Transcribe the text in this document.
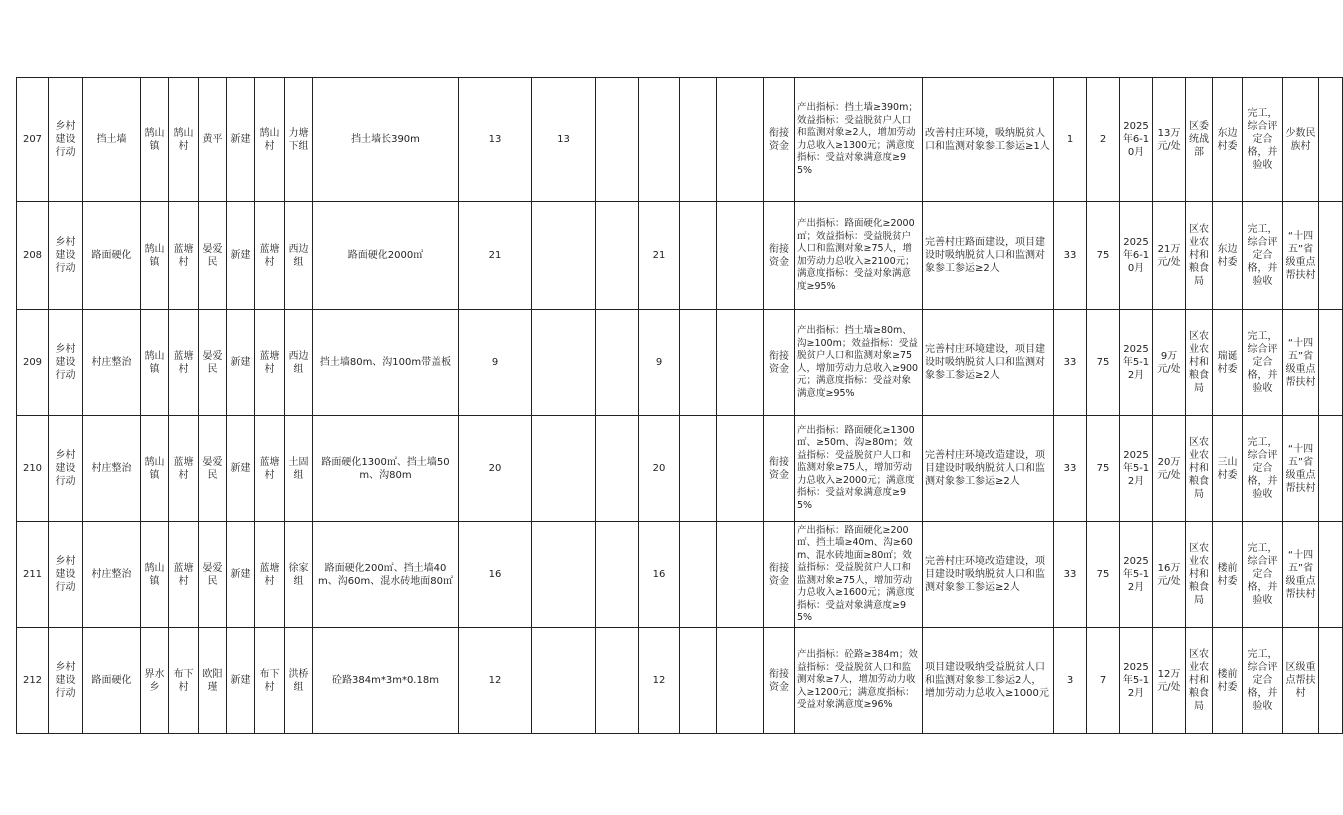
207	乡村建设行动	挡土墙	鹄山镇	鹄山村	黄平	新建	鹄山村	力塘下组	挡土墙长390m	13	13					衔接资金	产出指标：挡土墙≥390m；效益指标：受益脱贫户人口和监测对象≥2人，增加劳动力总收入≥1300元；满意度指标：受益对象满意度≥95%	改善村庄环境，吸纳脱贫人口和监测对象参工参运≥1人	1	2	2025年6-10月	13万元/处	区委统战部	东边村委	完工，综合评定合格，并验收	少数民族村	
208	乡村建设行动	路面硬化	鹄山镇	蓝塘村	晏爱民	新建	蓝塘村	西边组	路面硬化2000㎡	21			21			衔接资金	产出指标：路面硬化≥2000㎡；效益指标：受益脱贫户人口和监测对象≥75人，增加劳动力总收入≥2100元；满意度指标：受益对象满意度≥95%	完善村庄路面建设，项目建设时吸纳脱贫人口和监测对象参工参运≥2人	33	75	2025年6-10月	21万元/处	区农业农村和粮食局	东边村委	完工，综合评定合格，并验收	“十四五”省级重点帮扶村	
209	乡村建设行动	村庄整治	鹄山镇	蓝塘村	晏爱民	新建	蓝塘村	西边组	挡土墙80m、沟100m带盖板	9			9			衔接资金	产出指标：挡土墙≥80m、沟≥100m；效益指标：受益脱贫户人口和监测对象≥75人，增加劳动力总收入≥900元；满意度指标：受益对象满意度≥95%	完善村庄环境建设，项目建设时吸纳脱贫人口和监测对象参工参运≥2人	33	75	2025年5-12月	9万元/处	区农业农村和粮食局	瑞诞村委	完工，综合评定合格，并验收	“十四五”省级重点帮扶村	
210	乡村建设行动	村庄整治	鹄山镇	蓝塘村	晏爱民	新建	蓝塘村	土固组	路面硬化1300㎡、挡土墙50m、沟80m	20			20			衔接资金	产出指标：路面硬化≥1300㎡、≥50m、沟≥80m；效益指标：受益脱贫户人口和监测对象≥75人，增加劳动力总收入≥2000元；满意度指标：受益对象满意度≥95%	完善村庄环境改造建设，项目建设时吸纳脱贫人口和监测对象参工参运≥2人	33	75	2025年5-12月	20万元/处	区农业农村和粮食局	三山村委	完工，综合评定合格，并验收	“十四五”省级重点帮扶村	
211	乡村建设行动	村庄整治	鹄山镇	蓝塘村	晏爱民	新建	蓝塘村	徐家组	路面硬化200㎡、挡土墙40m、沟60m、混水砖地面80㎡	16			16			衔接资金	产出指标：路面硬化≥200㎡、挡土墙≥40m、沟≥60m、混水砖地面≥80㎡；效益指标：受益脱贫户人口和监测对象≥75人，增加劳动力总收入≥1600元；满意度指标：受益对象满意度≥95%	完善村庄环境改造建设，项目建设时吸纳脱贫人口和监测对象参工参运≥2人	33	75	2025年5-12月	16万元/处	区农业农村和粮食局	楼前村委	完工，综合评定合格，并验收	“十四五”省级重点帮扶村	
212	乡村建设行动	路面硬化	界水乡	布下村	欧阳瑾	新建	布下村	洪桥组	砼路384m*3m*0.18m	12			12			衔接资金	产出指标：砼路≥384m；效益指标：受益脱贫人口和监测对象≥7人，增加劳动力收入≥1200元；满意度指标：受益对象满意度≥96%	项目建设吸纳受益脱贫人口和监测对象参工参运2人，增加劳动力总收入≥1000元	3	7	2025年5-12月	12万元/处	区农业农村和粮食局	楼前村委	完工，综合评定合格，并验收	区级重点帮扶村	
